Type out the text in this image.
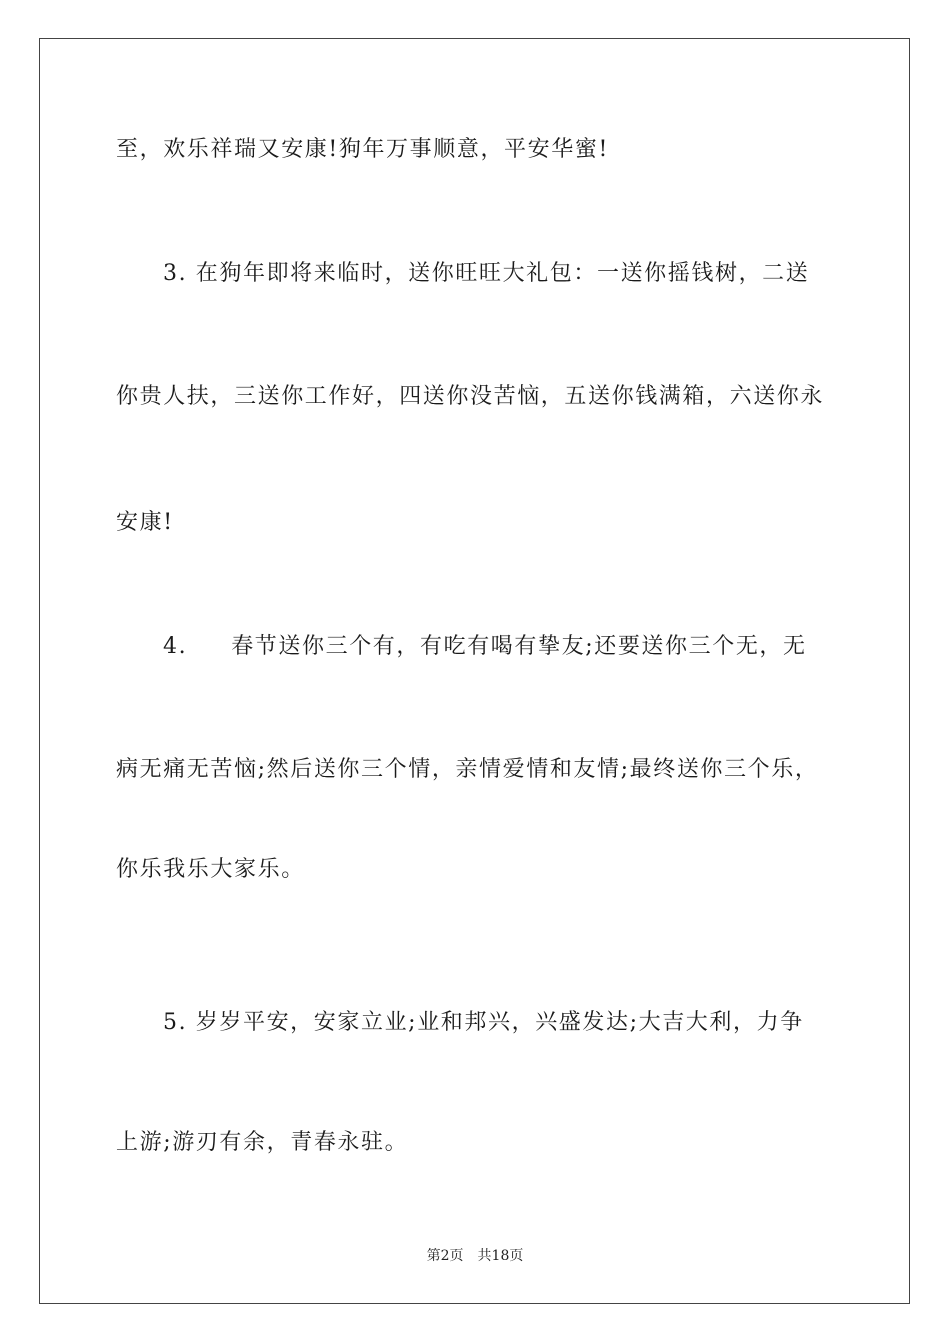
至，欢乐祥瑞又安康!狗年万事顺意，平安华蜜!
3. 在狗年即将来临时，送你旺旺大礼包：一送你摇钱树，二送
你贵人扶，三送你工作好，四送你没苦恼，五送你钱满箱，六送你永
安康!
4. 春节送你三个有，有吃有喝有挚友;还要送你三个无，无
病无痛无苦恼;然后送你三个情，亲情爱情和友情;最终送你三个乐，
你乐我乐大家乐。
5. 岁岁平安，安家立业;业和邦兴，兴盛发达;大吉大利，力争
上游;游刃有余，青春永驻。
第2页 共18页
